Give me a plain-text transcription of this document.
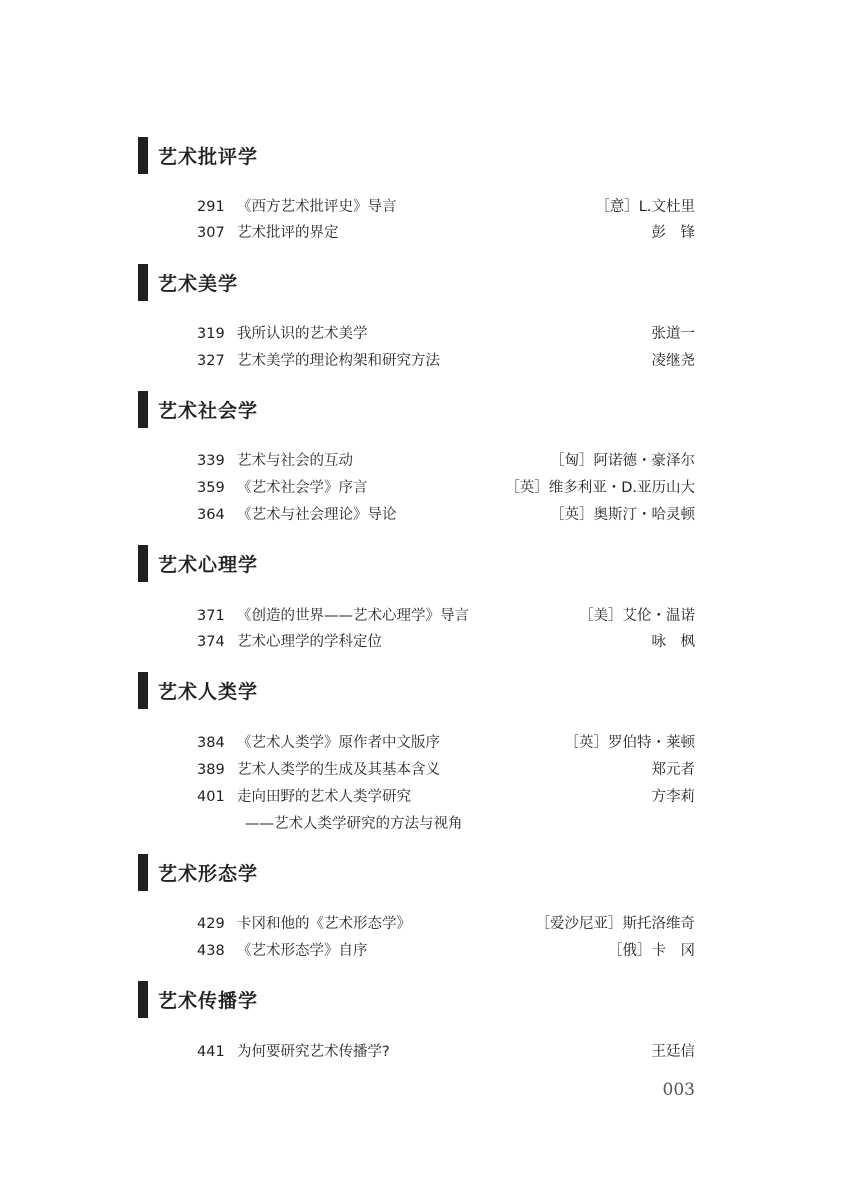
艺术批评学
291 《西方艺术批评史》导言	［意］L.文杜里
307 艺术批评的界定	彭　锋
艺术美学
319 我所认识的艺术美学	张道一
327 艺术美学的理论构架和研究方法	凌继尧
艺术社会学
339 艺术与社会的互动	［匈］阿诺德・豪泽尔
359 《艺术社会学》序言	［英］维多利亚・D.亚历山大
364 《艺术与社会理论》导论	［英］奥斯汀・哈灵顿
艺术心理学
371 《创造的世界——艺术心理学》导言	［美］艾伦・温诺
374 艺术心理学的学科定位	咏　枫
艺术人类学
384 《艺术人类学》原作者中文版序	［英］罗伯特・莱顿
389 艺术人类学的生成及其基本含义	郑元者
401 走向田野的艺术人类学研究	方李莉
——艺术人类学研究的方法与视角
艺术形态学
429 卡冈和他的《艺术形态学》	［爱沙尼亚］斯托洛维奇
438 《艺术形态学》自序	［俄］卡　冈
艺术传播学
441 为何要研究艺术传播学?	王廷信
003
